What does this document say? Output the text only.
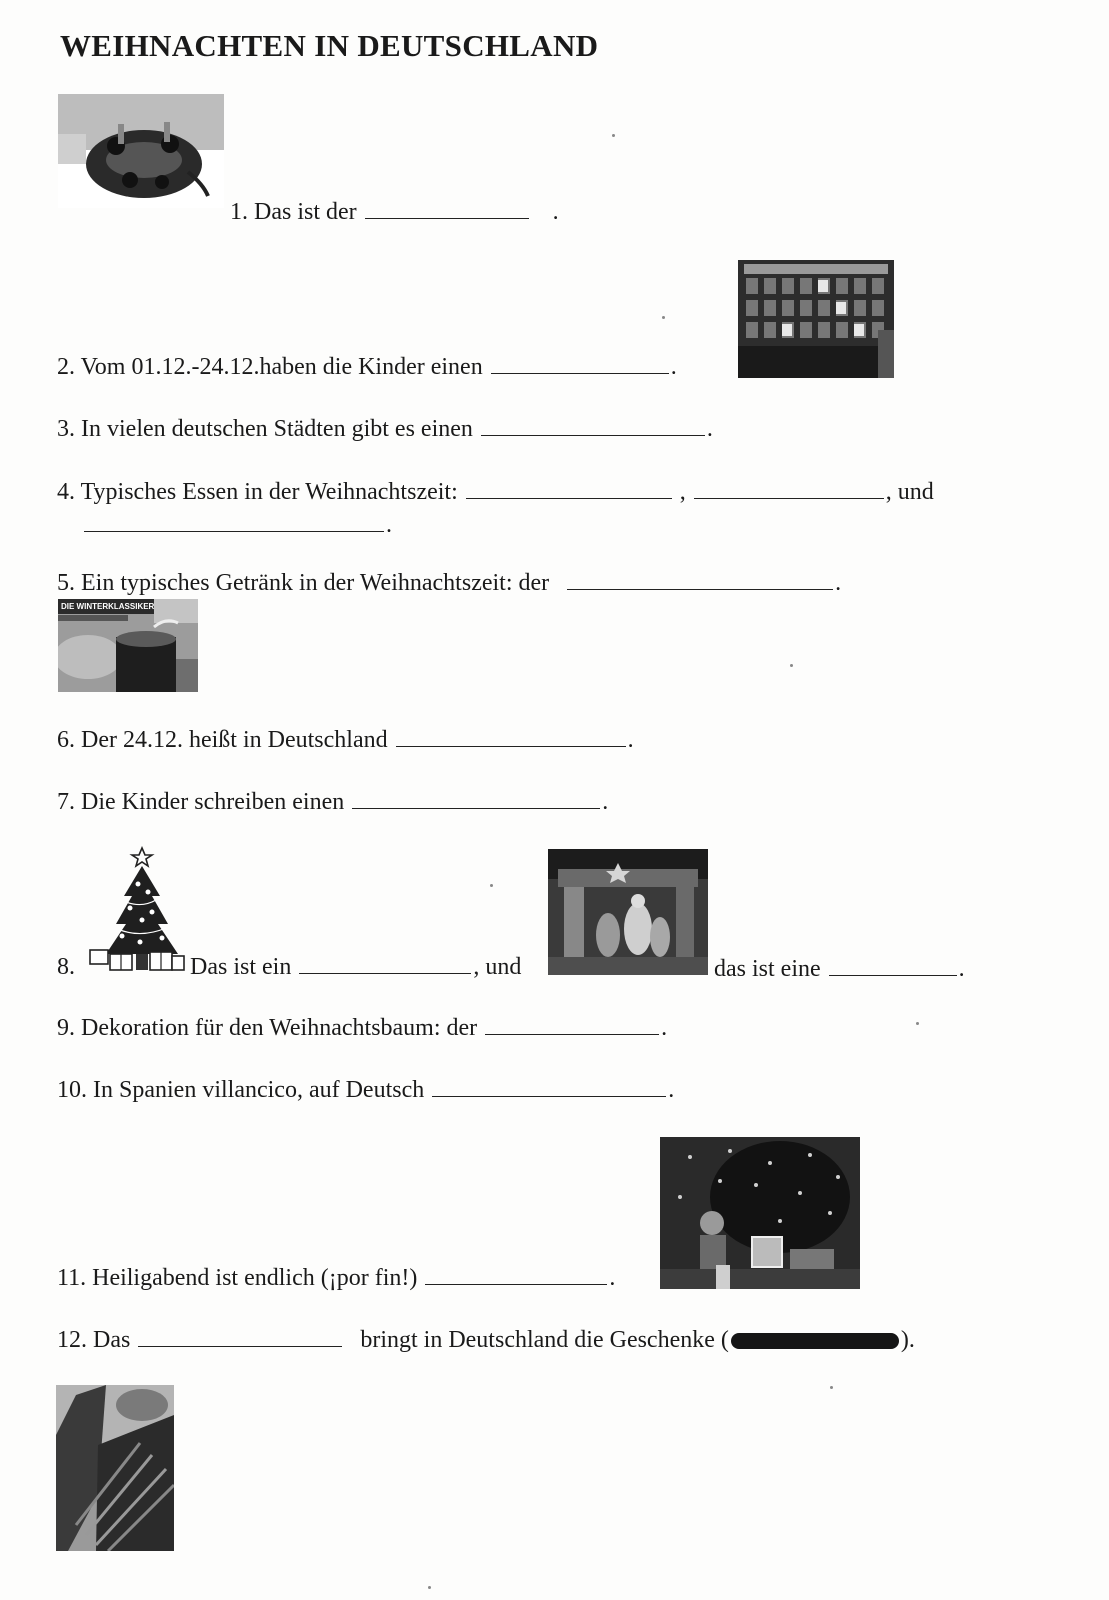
WEIHNACHTEN IN DEUTSCHLAND
1. Das ist der	.
2. Vom 01.12.-24.12.haben die Kinder einen	.
3. In vielen deutschen Städten gibt es einen	.
4. Typisches Essen in der Weihnachtszeit:	,	, und
.
5. Ein typisches Getränk in der Weihnachtszeit: der	.
DIE WINTERKLASSIKER
6. Der 24.12. heißt in Deutschland	.
7. Die Kinder schreiben einen	.
8.	Das ist ein	, und	das ist eine	.
9. Dekoration für den Weihnachtsbaum: der	.
10. In Spanien villancico, auf Deutsch	.
11. Heiligabend ist endlich (¡por fin!)	.
12. Das	bringt in Deutschland die Geschenke (	).
